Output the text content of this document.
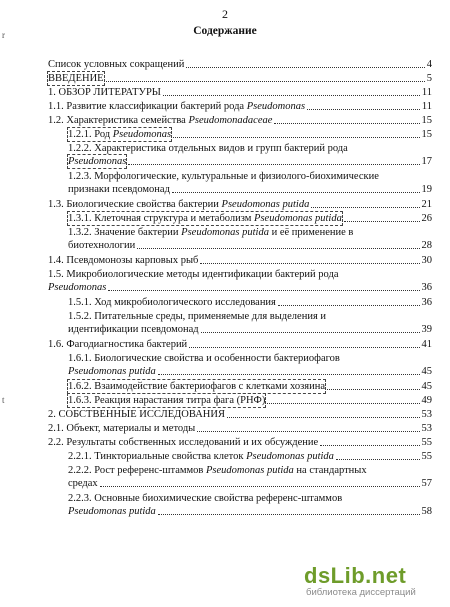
2
Содержание
r
t
Список условных сокращений	4
ВВЕДЕНИЕ	5
1. ОБЗОР ЛИТЕРАТУРЫ	11
1.1. Развитие классификации бактерий рода Pseudomonas	11
1.2. Характеристика семейства Pseudomonadaceae	15
1.2.1. Род Pseudomonas	15
1.2.2. Характеристика отдельных видов и групп бактерий рода
Pseudomonas	17
1.2.3. Морфологические, культуральные и физиолого-биохимические
признаки псевдомонад	19
1.3. Биологические свойства бактерии Pseudomonas putida	21
1.3.1. Клеточная структура и метаболизм Pseudomonas putida	26
1.3.2. Значение бактерии Pseudomonas putida и её применение в
биотехнологии	28
1.4. Псевдомонозы карповых рыб	30
1.5. Микробиологические методы идентификации бактерий рода
Pseudomonas	36
1.5.1. Ход микробиологического исследования	36
1.5.2. Питательные среды, применяемые для выделения и
идентификации псевдомонад	39
1.6. Фагодиагностика бактерий	41
1.6.1. Биологические свойства и особенности бактериофагов
Pseudomonas putida	45
1.6.2. Взаимодействие бактериофагов с клетками хозяина	45
1.6.3. Реакция нарастания титра фага (РНФ)	49
2. СОБСТВЕННЫЕ ИССЛЕДОВАНИЯ	53
2.1. Объект, материалы и методы	53
2.2. Результаты собственных исследований и их обсуждение	55
2.2.1. Тинкториальные свойства клеток Pseudomonas putida	55
2.2.2. Рост референс-штаммов Pseudomonas putida на стандартных
средах	57
2.2.3. Основные биохимические свойства референс-штаммов
Pseudomonas putida	58
dsLib.net
библиотека диссертаций
